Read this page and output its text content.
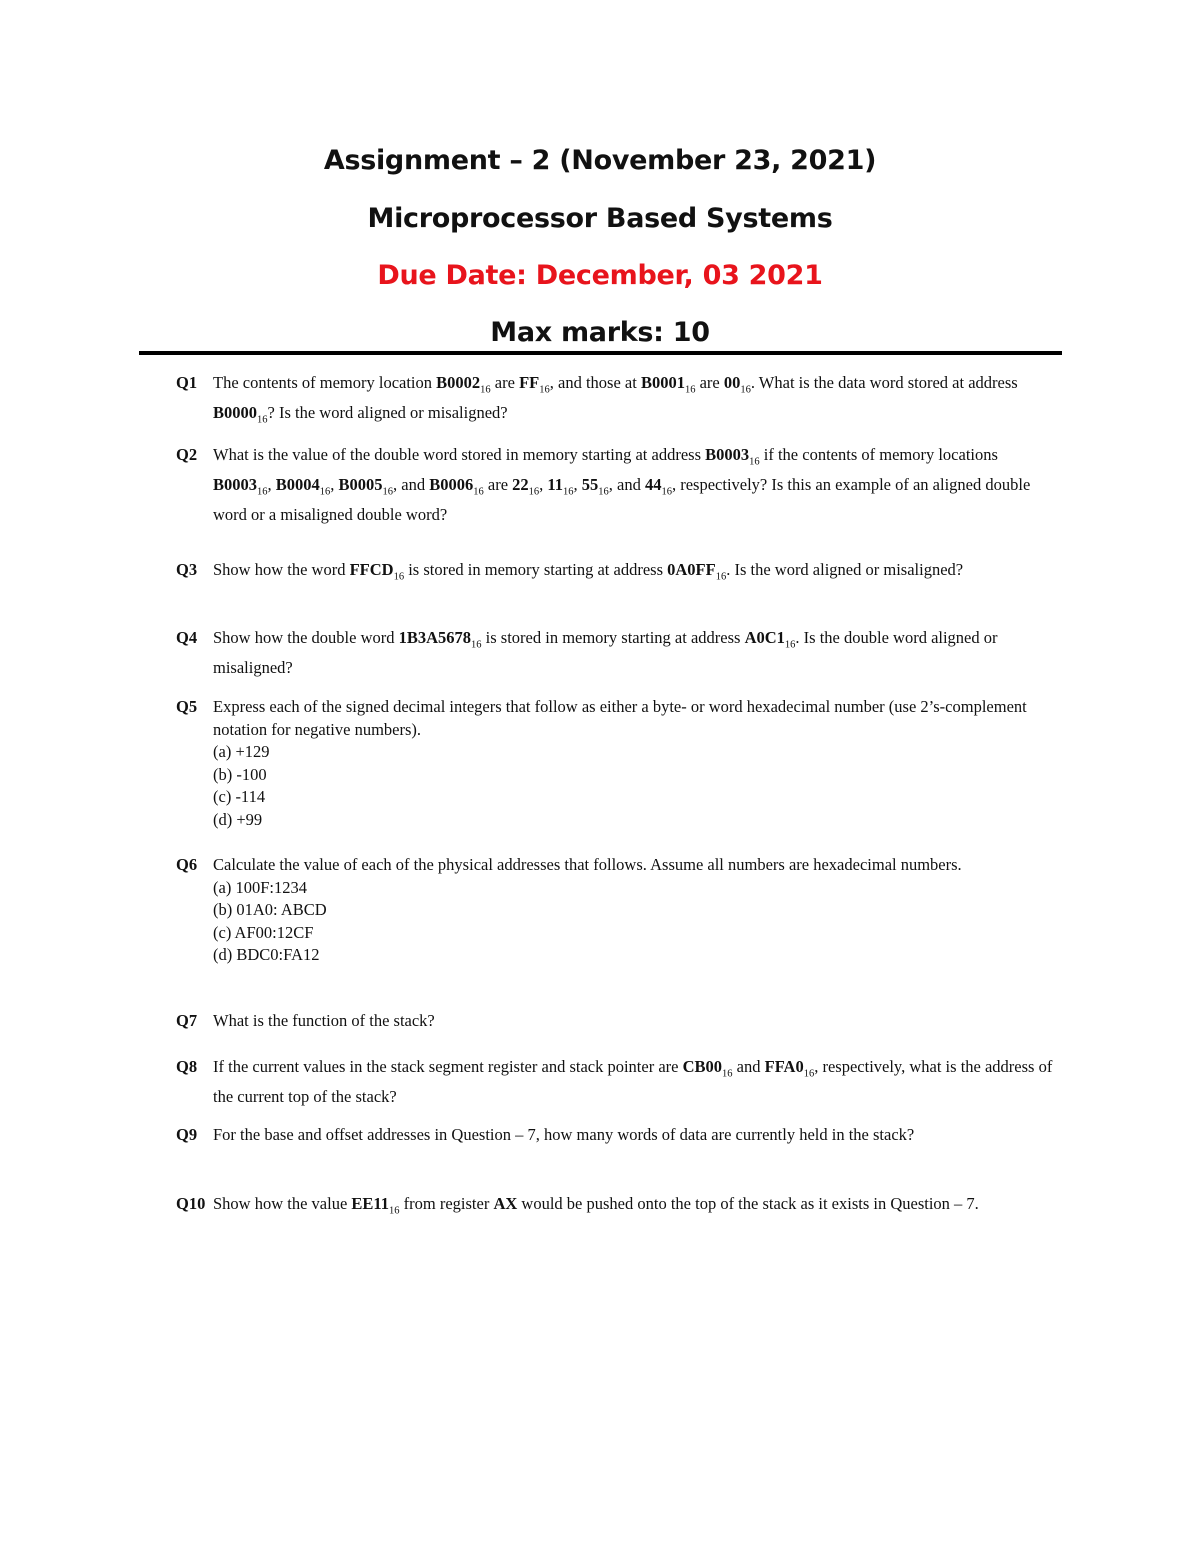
Assignment – 2 (November 23, 2021)
Microprocessor Based Systems
Due Date: December, 03 2021
Max marks: 10
Q1 The contents of memory location $B0002_{16}$ are $FF_{16}$, and those at $B0001_{16}$ are $00_{16}$. What is the data word stored at address $B0000_{16}$? Is the word aligned or misaligned?
Q2 What is the value of the double word stored in memory starting at address $B0003_{16}$ if the contents of memory locations $B0003_{16}$, $B0004_{16}$, $B0005_{16}$, and $B0006_{16}$ are $22_{16}$, $11_{16}$, $55_{16}$, and $44_{16}$, respectively? Is this an example of an aligned double word or a misaligned double word?
Q3 Show how the word $FFCD_{16}$ is stored in memory starting at address $0A0FF_{16}$. Is the word aligned or misaligned?
Q4 Show how the double word $1B3A5678_{16}$ is stored in memory starting at address $A0C1_{16}$. Is the double word aligned or misaligned?
Q5 Express each of the signed decimal integers that follow as either a byte- or word hexadecimal number (use 2’s-complement notation for negative numbers).
(a) +129
(b) -100
(c) -114
(d) +99
Q6 Calculate the value of each of the physical addresses that follows. Assume all numbers are hexadecimal numbers.
(a) 100F:1234
(b) 01A0: ABCD
(c) AF00:12CF
(d) BDC0:FA12
Q7 What is the function of the stack?
Q8 If the current values in the stack segment register and stack pointer are $CB00_{16}$ and $FFA0_{16}$, respectively, what is the address of the current top of the stack?
Q9 For the base and offset addresses in Question – 7, how many words of data are currently held in the stack?
Q10 Show how the value $EE11_{16}$ from register AX would be pushed onto the top of the stack as it exists in Question – 7.
